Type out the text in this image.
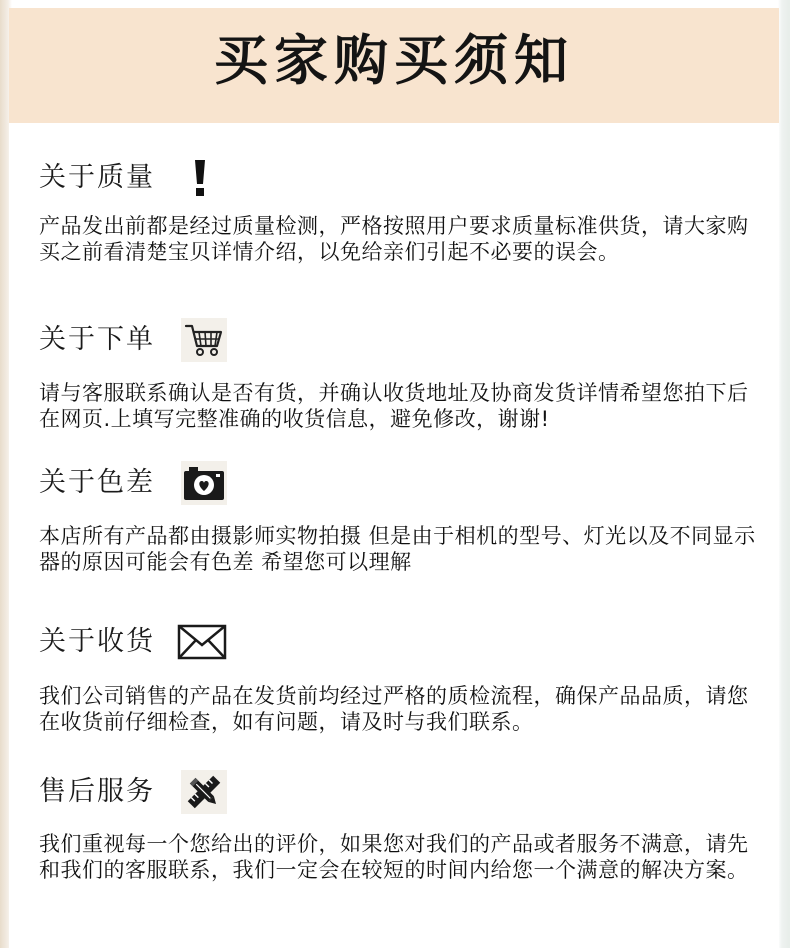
买家购买须知
关于质量
产品发出前都是经过质量检测，严格按照用户要求质量标准供货，请大家购买之前看清楚宝贝详情介绍，以免给亲们引起不必要的误会。
关于下单
请与客服联系确认是否有货，并确认收货地址及协商发货详情希望您拍下后在网页.上填写完整准确的收货信息，避免修改，谢谢!
关于色差
本店所有产品都由摄影师实物拍摄 但是由于相机的型号、灯光以及不同显示器的原因可能会有色差 希望您可以理解
关于收货
我们公司销售的产品在发货前均经过严格的质检流程，确保产品品质，请您在收货前仔细检查，如有问题，请及时与我们联系。
售后服务
我们重视每一个您给出的评价，如果您对我们的产品或者服务不满意，请先和我们的客服联系，我们一定会在较短的时间内给您一个满意的解决方案。
